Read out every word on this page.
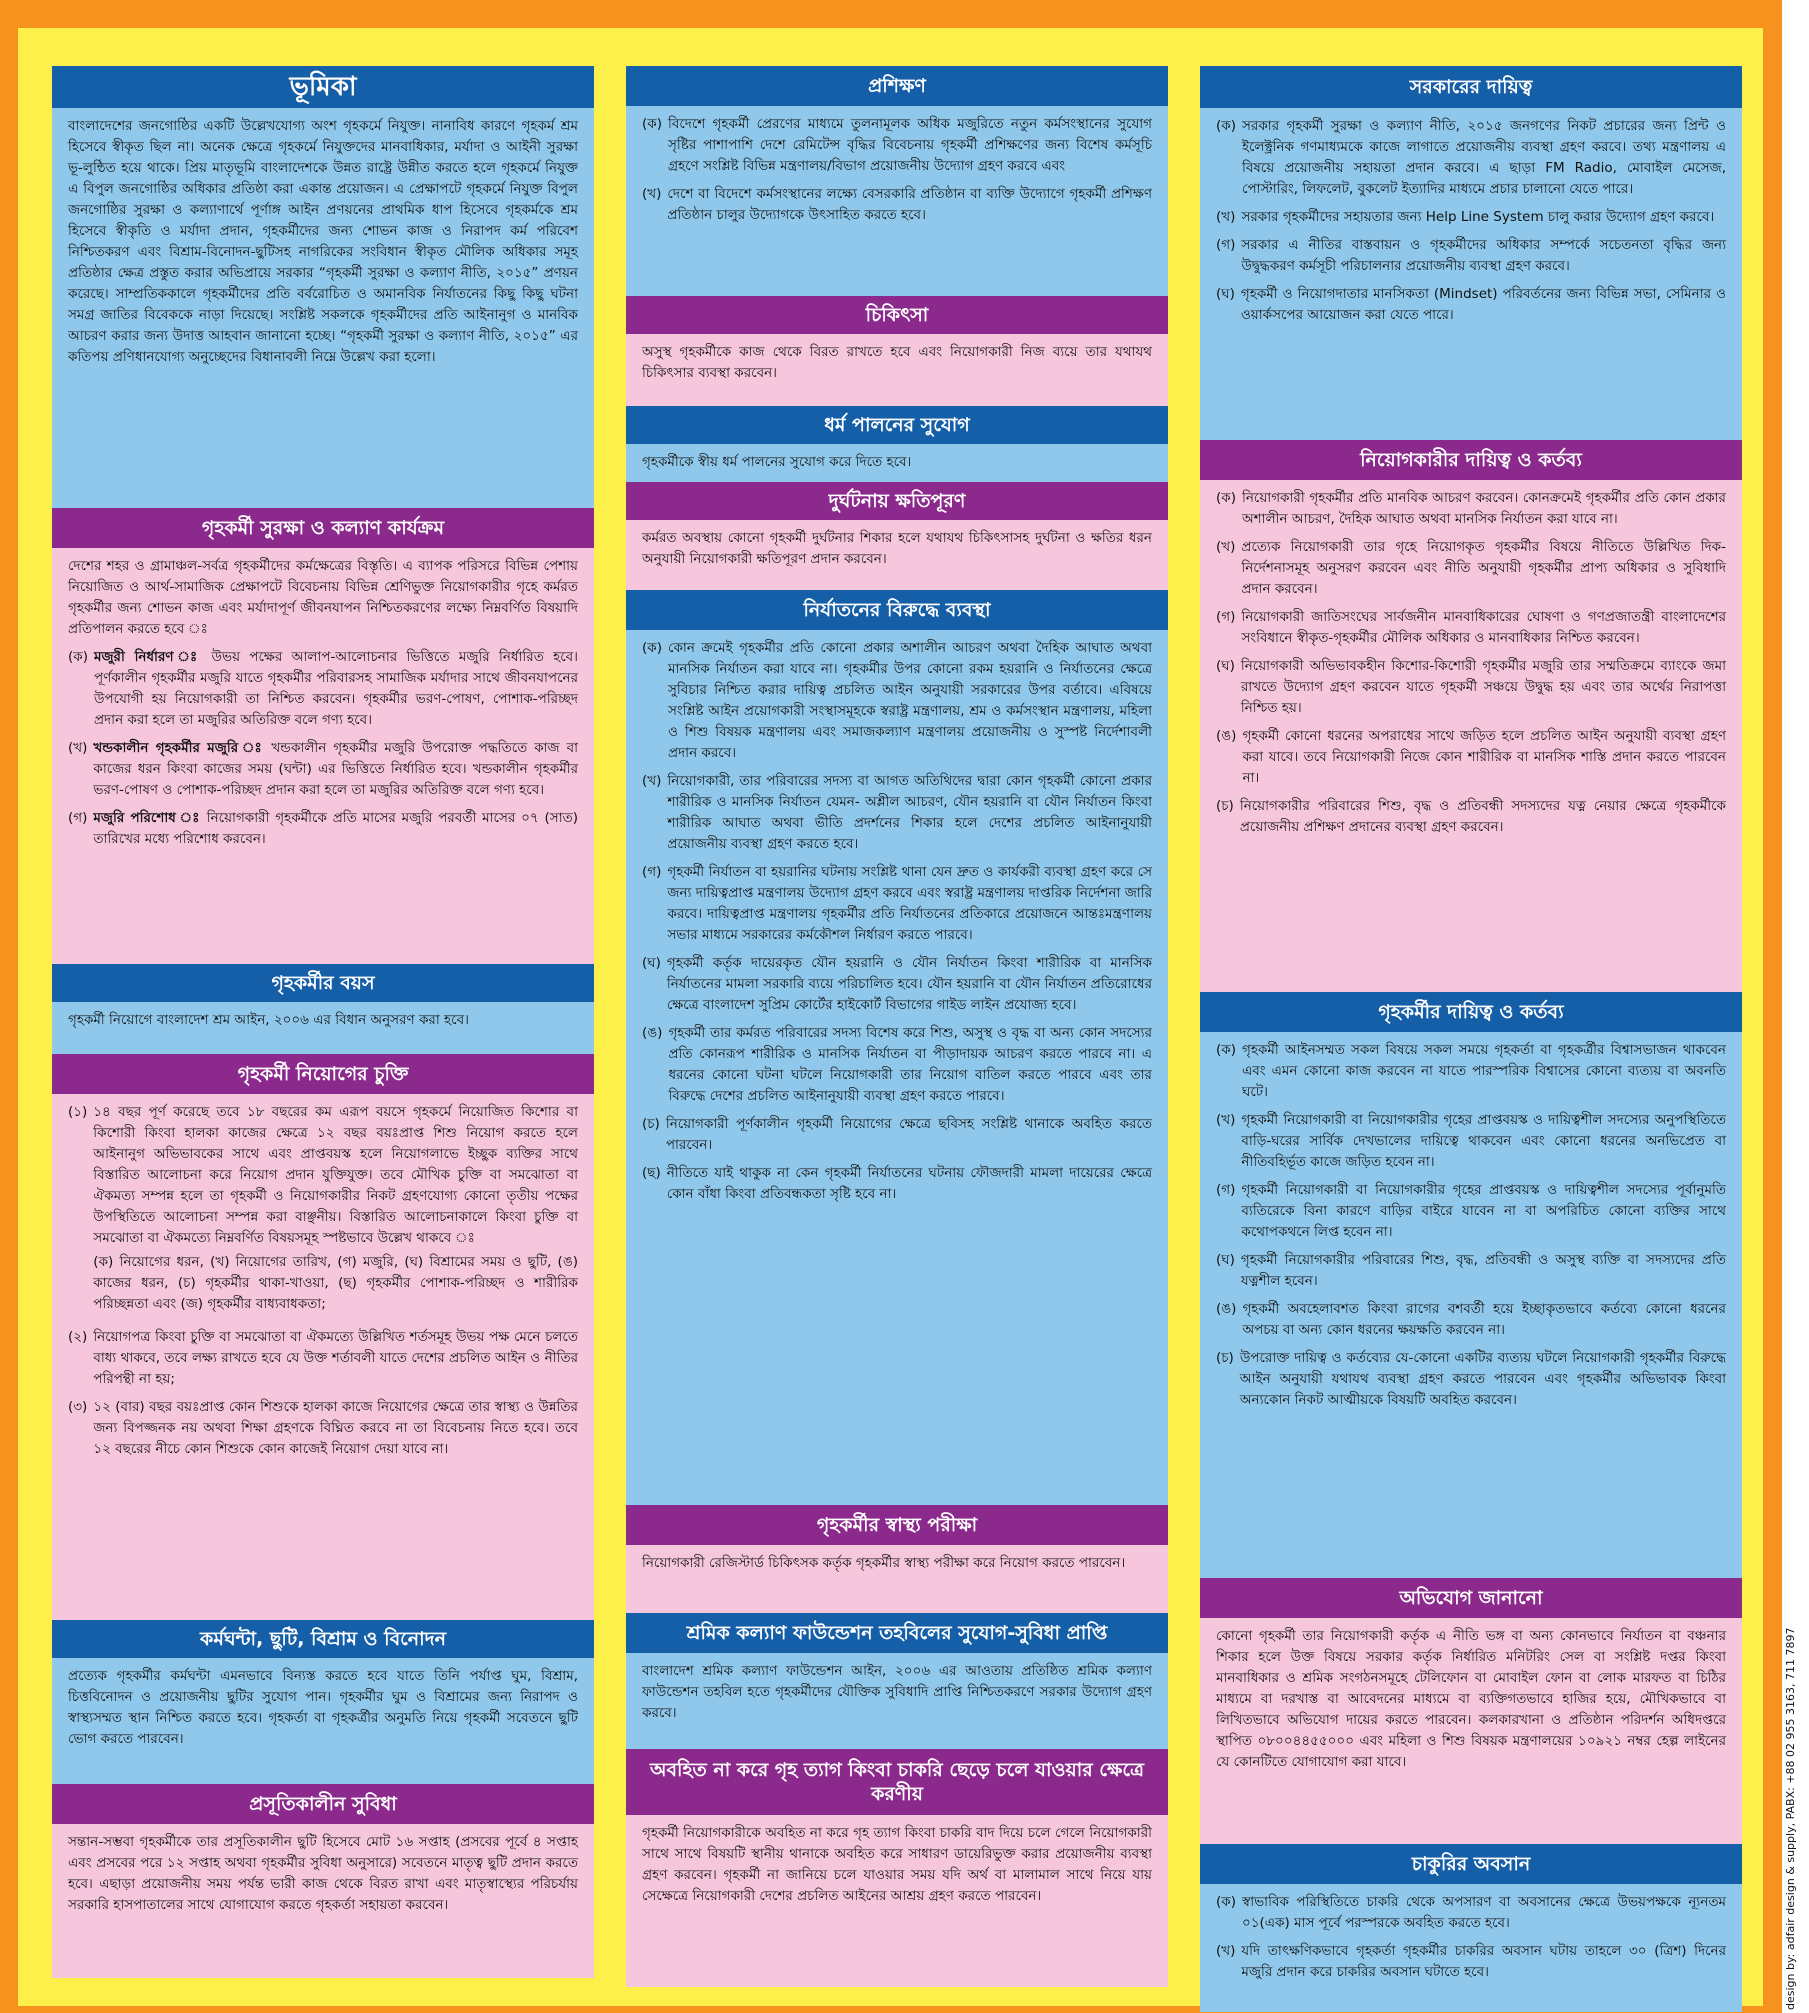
ভূমিকা
বাংলাদেশের জনগোষ্ঠির একটি উল্লেখযোগ্য অংশ গৃহকর্মে নিযুক্ত। নানাবিধ কারণে গৃহকর্ম শ্রম হিসেবে স্বীকৃত ছিল না। অনেক ক্ষেত্রে গৃহকর্মে নিযুক্তদের মানবাধিকার, মর্যাদা ও আইনী সুরক্ষা ভূ-লুন্ঠিত হয়ে থাকে। প্রিয় মাতৃভূমি বাংলাদেশকে উন্নত রাষ্ট্রে উন্নীত করতে হলে গৃহকর্মে নিযুক্ত এ বিপুল জনগোষ্ঠির অধিকার প্রতিষ্ঠা করা একান্ত প্রয়োজন। এ প্রেক্ষাপটে গৃহকর্মে নিযুক্ত বিপুল জনগোষ্ঠির সুরক্ষা ও কল্যাণার্থে পূর্ণাঙ্গ আইন প্রণয়নের প্রাথমিক ধাপ হিসেবে গৃহকর্মকে শ্রম হিসেবে স্বীকৃতি ও মর্যাদা প্রদান, গৃহকর্মীদের জন্য শোভন কাজ ও নিরাপদ কর্ম পরিবেশ নিশ্চিতকরণ এবং বিশ্রাম-বিনোদন-ছুটিসহ নাগরিকের সংবিধান স্বীকৃত মৌলিক অধিকার সমূহ প্রতিষ্ঠার ক্ষেত্র প্রস্তুত করার অভিপ্রায়ে সরকার “গৃহকর্মী সুরক্ষা ও কল্যাণ নীতি, ২০১৫” প্রণয়ন করেছে। সাম্প্রতিককালে গৃহকর্মীদের প্রতি বর্বরোচিত ও অমানবিক নির্যাতনের কিছু কিছু ঘটনা সমগ্র জাতির বিবেককে নাড়া দিয়েছে। সংশ্লিষ্ট সকলকে গৃহকর্মীদের প্রতি আইনানুগ ও মানবিক আচরণ করার জন্য উদাত্ত আহবান জানানো হচ্ছে। “গৃহকর্মী সুরক্ষা ও কল্যাণ নীতি, ২০১৫” এর কতিপয় প্রণিধানযোগ্য অনুচ্ছেদের বিধানাবলী নিম্নে উল্লেখ করা হলো।
গৃহকর্মী সুরক্ষা ও কল্যাণ কার্যক্রম
দেশের শহর ও গ্রামাঞ্চল-সর্বত্র গৃহকর্মীদের কর্মক্ষেত্রের বিস্তৃতি। এ ব্যাপক পরিসরে বিভিন্ন পেশায় নিয়োজিত ও আর্থ-সামাজিক প্রেক্ষাপটে বিবেচনায় বিভিন্ন শ্রেণিভুক্ত নিয়োগকারীর গৃহে কর্মরত গৃহকর্মীর জন্য শোভন কাজ এবং মর্যাদাপূর্ণ জীবনযাপন নিশ্চিতকরণের লক্ষ্যে নিম্নবর্ণিত বিষয়াদি প্রতিপালন করতে হবে ঃ
(ক) মজুরী নির্ধারণ ঃ উভয় পক্ষের আলাপ-আলোচনার ভিত্তিতে মজুরি নির্ধারিত হবে। পূর্ণকালীন গৃহকর্মীর মজুরি যাতে গৃহকর্মীর পরিবারসহ সামাজিক মর্যাদার সাথে জীবনযাপনের উপযোগী হয় নিয়োগকারী তা নিশ্চিত করবেন। গৃহকর্মীর ভরণ-পোষণ, পোশাক-পরিচ্ছদ প্রদান করা হলে তা মজুরির অতিরিক্ত বলে গণ্য হবে।
(খ) খন্ডকালীন গৃহকর্মীর মজুরি ঃ খন্ডকালীন গৃহকর্মীর মজুরি উপরোক্ত পদ্ধতিতে কাজ বা কাজের ধরন কিংবা কাজের সময় (ঘন্টা) এর ভিত্তিতে নির্ধারিত হবে। খন্ডকালীন গৃহকর্মীর ভরণ-পোষণ ও পোশাক-পরিচ্ছদ প্রদান করা হলে তা মজুরির অতিরিক্ত বলে গণ্য হবে।
(গ) মজুরি পরিশোধ ঃ নিয়োগকারী গৃহকর্মীকে প্রতি মাসের মজুরি পরবর্তী মাসের ০৭ (সাত) তারিখের মধ্যে পরিশোধ করবেন।
গৃহকর্মীর বয়স
গৃহকর্মী নিয়োগে বাংলাদেশ শ্রম আইন, ২০০৬ এর বিধান অনুসরণ করা হবে।
গৃহকর্মী নিয়োগের চুক্তি
(১) ১৪ বছর পূর্ণ করেছে তবে ১৮ বছরের কম এরূপ বয়সে গৃহকর্মে নিয়োজিত কিশোর বা কিশোরী কিংবা হালকা কাজের ক্ষেত্রে ১২ বছর বয়ঃপ্রাপ্ত শিশু নিয়োগ করতে হলে আইনানুগ অভিভাবকের সাথে এবং প্রাপ্তবয়স্ক হলে নিয়োগলাভে ইচ্ছুক ব্যক্তির সাথে বিস্তারিত আলোচনা করে নিয়োগ প্রদান যুক্তিযুক্ত। তবে মৌখিক চুক্তি বা সমঝোতা বা ঐকমত্য সম্পন্ন হলে তা গৃহকর্মী ও নিয়োগকারীর নিকট গ্রহণযোগ্য কোনো তৃতীয় পক্ষের উপস্থিতিতে আলোচনা সম্পন্ন করা বাঞ্ছনীয়। বিস্তারিত আলোচনাকালে কিংবা চুক্তি বা সমঝোতা বা ঐকমত্যে নিম্নবর্ণিত বিষয়সমূহ স্পষ্টভাবে উল্লেখ থাকবে ঃ
(ক) নিয়োগের ধরন, (খ) নিয়োগের তারিখ, (গ) মজুরি, (ঘ) বিশ্রামের সময় ও ছুটি, (ঙ) কাজের ধরন, (চ) গৃহকর্মীর থাকা-খাওয়া, (ছ) গৃহকর্মীর পোশাক-পরিচ্ছদ ও শারীরিক পরিচ্ছন্নতা এবং (জ) গৃহকর্মীর বাধ্যবাধকতা;
(২) নিয়োগপত্র কিংবা চুক্তি বা সমঝোতা বা ঐকমত্যে উল্লিখিত শর্তসমূহ উভয় পক্ষ মেনে চলতে বাধ্য থাকবে, তবে লক্ষ্য রাখতে হবে যে উক্ত শর্তাবলী যাতে দেশের প্রচলিত আইন ও নীতির পরিপন্থী না হয়;
(৩) ১২ (বার) বছর বয়ঃপ্রাপ্ত কোন শিশুকে হালকা কাজে নিয়োগের ক্ষেত্রে তার স্বাস্থ্য ও উন্নতির জন্য বিপজ্জনক নয় অথবা শিক্ষা গ্রহণকে বিঘ্নিত করবে না তা বিবেচনায় নিতে হবে। তবে ১২ বছরের নীচে কোন শিশুকে কোন কাজেই নিয়োগ দেয়া যাবে না।
কর্মঘন্টা, ছুটি, বিশ্রাম ও বিনোদন
প্রত্যেক গৃহকর্মীর কর্মঘন্টা এমনভাবে বিন্যস্ত করতে হবে যাতে তিনি পর্যাপ্ত ঘুম, বিশ্রাম, চিত্তবিনোদন ও প্রয়োজনীয় ছুটির সুযোগ পান। গৃহকর্মীর ঘুম ও বিশ্রামের জন্য নিরাপদ ও স্বাস্থ্যসম্মত স্থান নিশ্চিত করতে হবে। গৃহকর্তা বা গৃহকর্ত্রীর অনুমতি নিয়ে গৃহকর্মী সবেতনে ছুটি ভোগ করতে পারবেন।
প্রসূতিকালীন সুবিধা
সন্তান-সম্ভবা গৃহকর্মীকে তার প্রসূতিকালীন ছুটি হিসেবে মোট ১৬ সপ্তাহ (প্রসবের পূর্বে ৪ সপ্তাহ এবং প্রসবের পরে ১২ সপ্তাহ অথবা গৃহকর্মীর সুবিধা অনুসারে) সবেতনে মাতৃত্ব ছুটি প্রদান করতে হবে। এছাড়া প্রয়োজনীয় সময় পর্যন্ত ভারী কাজ থেকে বিরত রাখা এবং মাতৃস্বাস্থ্যের পরিচর্যায় সরকারি হাসপাতালের সাথে যোগাযোগ করতে গৃহকর্তা সহায়তা করবেন।
প্রশিক্ষণ
(ক) বিদেশে গৃহকর্মী প্রেরণের মাধ্যমে তুলনামূলক অধিক মজুরিতে নতুন কর্মসংস্থানের সুযোগ সৃষ্টির পাশাপাশি দেশে রেমিটেন্স বৃদ্ধির বিবেচনায় গৃহকর্মী প্রশিক্ষণের জন্য বিশেষ কর্মসূচি গ্রহণে সংশ্লিষ্ট বিভিন্ন মন্ত্রণালয়/বিভাগ প্রয়োজনীয় উদ্যোগ গ্রহণ করবে এবং
(খ) দেশে বা বিদেশে কর্মসংস্থানের লক্ষ্যে বেসরকারি প্রতিষ্ঠান বা ব্যক্তি উদ্যোগে গৃহকর্মী প্রশিক্ষণ প্রতিষ্ঠান চালুর উদ্যোগকে উৎসাহিত করতে হবে।
চিকিৎসা
অসুস্থ গৃহকর্মীকে কাজ থেকে বিরত রাখতে হবে এবং নিয়োগকারী নিজ ব্যয়ে তার যথাযথ চিকিৎসার ব্যবস্থা করবেন।
ধর্ম পালনের সুযোগ
গৃহকর্মীকে স্বীয় ধর্ম পালনের সুযোগ করে দিতে হবে।
দুর্ঘটনায় ক্ষতিপূরণ
কর্মরত অবস্থায় কোনো গৃহকর্মী দুর্ঘটনার শিকার হলে যথাযথ চিকিৎসাসহ দুর্ঘটনা ও ক্ষতির ধরন অনুযায়ী নিয়োগকারী ক্ষতিপূরণ প্রদান করবেন।
নির্যাতনের বিরুদ্ধে ব্যবস্থা
(ক) কোন ক্রমেই গৃহকর্মীর প্রতি কোনো প্রকার অশালীন আচরণ অথবা দৈহিক আঘাত অথবা মানসিক নির্যাতন করা যাবে না। গৃহকর্মীর উপর কোনো রকম হয়রানি ও নির্যাতনের ক্ষেত্রে সুবিচার নিশ্চিত করার দায়িত্ব প্রচলিত আইন অনুযায়ী সরকারের উপর বর্তাবে। এবিষয়ে সংশ্লিষ্ট আইন প্রয়োগকারী সংস্থাসমূহকে স্বরাষ্ট্র মন্ত্রণালয়, শ্রম ও কর্মসংস্থান মন্ত্রণালয়, মহিলা ও শিশু বিষয়ক মন্ত্রণালয় এবং সমাজকল্যাণ মন্ত্রণালয় প্রয়োজনীয় ও সুস্পষ্ট নির্দেশাবলী প্রদান করবে।
(খ) নিয়োগকারী, তার পরিবারের সদস্য বা আগত অতিথিদের দ্বারা কোন গৃহকর্মী কোনো প্রকার শারীরিক ও মানসিক নির্যাতন যেমন- অশ্লীল আচরণ, যৌন হয়রানি বা যৌন নির্যাতন কিংবা শারীরিক আঘাত অথবা ভীতি প্রদর্শনের শিকার হলে দেশের প্রচলিত আইনানুযায়ী প্রয়োজনীয় ব্যবস্থা গ্রহণ করতে হবে।
(গ) গৃহকর্মী নির্যাতন বা হয়রানির ঘটনায় সংশ্লিষ্ট থানা যেন দ্রুত ও কার্যকরী ব্যবস্থা গ্রহণ করে সে জন্য দায়িত্বপ্রাপ্ত মন্ত্রণালয় উদ্যোগ গ্রহণ করবে এবং স্বরাষ্ট্র মন্ত্রণালয় দাপ্তরিক নির্দেশনা জারি করবে। দায়িত্বপ্রাপ্ত মন্ত্রণালয় গৃহকর্মীর প্রতি নির্যাতনের প্রতিকারে প্রয়োজনে আন্তঃমন্ত্রণালয় সভার মাধ্যমে সরকারের কর্মকৌশল নির্ধারণ করতে পারবে।
(ঘ) গৃহকর্মী কর্তৃক দায়েরকৃত যৌন হয়রানি ও যৌন নির্যাতন কিংবা শারীরিক বা মানসিক নির্যাতনের মামলা সরকারি ব্যয়ে পরিচালিত হবে। যৌন হয়রানি বা যৌন নির্যাতন প্রতিরোধের ক্ষেত্রে বাংলাদেশ সুপ্রিম কোর্টের হাইকোর্ট বিভাগের গাইড লাইন প্রযোজ্য হবে।
(ঙ) গৃহকর্মী তার কর্মরত পরিবারের সদস্য বিশেষ করে শিশু, অসুস্থ ও বৃদ্ধ বা অন্য কোন সদস্যের প্রতি কোনরূপ শারীরিক ও মানসিক নির্যাতন বা পীড়াদায়ক আচরণ করতে পারবে না। এ ধরনের কোনো ঘটনা ঘটলে নিয়োগকারী তার নিয়োগ বাতিল করতে পারবে এবং তার বিরুদ্ধে দেশের প্রচলিত আইনানুযায়ী ব্যবস্থা গ্রহণ করতে পারবে।
(চ) নিয়োগকারী পূর্ণকালীন গৃহকর্মী নিয়োগের ক্ষেত্রে ছবিসহ সংশ্লিষ্ট থানাকে অবহিত করতে পারবেন।
(ছ) নীতিতে যাই থাকুক না কেন গৃহকর্মী নির্যাতনের ঘটনায় ফৌজদারী মামলা দায়েরের ক্ষেত্রে কোন বাঁধা কিংবা প্রতিবন্ধকতা সৃষ্টি হবে না।
গৃহকর্মীর স্বাস্থ্য পরীক্ষা
নিয়োগকারী রেজিস্টার্ড চিকিৎসক কর্তৃক গৃহকর্মীর স্বাস্থ্য পরীক্ষা করে নিয়োগ করতে পারবেন।
শ্রমিক কল্যাণ ফাউন্ডেশন তহবিলের সুযোগ-সুবিধা প্রাপ্তি
বাংলাদেশ শ্রমিক কল্যাণ ফাউন্ডেশন আইন, ২০০৬ এর আওতায় প্রতিষ্ঠিত শ্রমিক কল্যাণ ফাউন্ডেশন তহবিল হতে গৃহকর্মীদের যৌক্তিক সুবিধাদি প্রাপ্তি নিশ্চিতকরণে সরকার উদ্যোগ গ্রহণ করবে।
অবহিত না করে গৃহ ত্যাগ কিংবা চাকরি ছেড়ে চলে যাওয়ার ক্ষেত্রে করণীয়
গৃহকর্মী নিয়োগকারীকে অবহিত না করে গৃহ ত্যাগ কিংবা চাকরি বাদ দিয়ে চলে গেলে নিয়োগকারী সাথে সাথে বিষয়টি স্থানীয় থানাকে অবহিত করে সাধারণ ডায়েরিভুক্ত করার প্রয়োজনীয় ব্যবস্থা গ্রহণ করবেন। গৃহকর্মী না জানিয়ে চলে যাওয়ার সময় যদি অর্থ বা মালামাল সাথে নিয়ে যায় সেক্ষেত্রে নিয়োগকারী দেশের প্রচলিত আইনের আশ্রয় গ্রহণ করতে পারবেন।
সরকারের দায়িত্ব
(ক) সরকার গৃহকর্মী সুরক্ষা ও কল্যাণ নীতি, ২০১৫ জনগণের নিকট প্রচারের জন্য প্রিন্ট ও ইলেক্ট্রনিক গণমাধ্যমকে কাজে লাগাতে প্রয়োজনীয় ব্যবস্থা গ্রহণ করবে। তথ্য মন্ত্রণালয় এ বিষয়ে প্রয়োজনীয় সহায়তা প্রদান করবে। এ ছাড়া FM Radio, মোবাইল মেসেজ, পোস্টারিং, লিফলেট, বুকলেট ইত্যাদির মাধ্যমে প্রচার চালানো যেতে পারে।
(খ) সরকার গৃহকর্মীদের সহায়তার জন্য Help Line System চালু করার উদ্যোগ গ্রহণ করবে।
(গ) সরকার এ নীতির বাস্তবায়ন ও গৃহকর্মীদের অধিকার সম্পর্কে সচেতনতা বৃদ্ধির জন্য উদ্বুদ্ধকরণ কর্মসূচী পরিচালনার প্রয়োজনীয় ব্যবস্থা গ্রহণ করবে।
(ঘ) গৃহকর্মী ও নিয়োগদাতার মানসিকতা (Mindset) পরিবর্তনের জন্য বিভিন্ন সভা, সেমিনার ও ওয়ার্কসপের আয়োজন করা যেতে পারে।
নিয়োগকারীর দায়িত্ব ও কর্তব্য
(ক) নিয়োগকারী গৃহকর্মীর প্রতি মানবিক আচরণ করবেন। কোনক্রমেই গৃহকর্মীর প্রতি কোন প্রকার অশালীন আচরণ, দৈহিক আঘাত অথবা মানসিক নির্যাতন করা যাবে না।
(খ) প্রত্যেক নিয়োগকারী তার গৃহে নিয়োগকৃত গৃহকর্মীর বিষয়ে নীতিতে উল্লিখিত দিক-নির্দেশনাসমূহ অনুসরণ করবেন এবং নীতি অনুযায়ী গৃহকর্মীর প্রাপ্য অধিকার ও সুবিধাদি প্রদান করবেন।
(গ) নিয়োগকারী জাতিসংঘের সার্বজনীন মানবাধিকারের ঘোষণা ও গণপ্রজাতন্ত্রী বাংলাদেশের সংবিধানে স্বীকৃত-গৃহকর্মীর মৌলিক অধিকার ও মানবাধিকার নিশ্চিত করবেন।
(ঘ) নিয়োগকারী অভিভাবকহীন কিশোর-কিশোরী গৃহকর্মীর মজুরি তার সম্মতিক্রমে ব্যাংকে জমা রাখতে উদ্যোগ গ্রহণ করবেন যাতে গৃহকর্মী সঞ্চয়ে উদ্বুদ্ধ হয় এবং তার অর্থের নিরাপত্তা নিশ্চিত হয়।
(ঙ) গৃহকর্মী কোনো ধরনের অপরাধের সাথে জড়িত হলে প্রচলিত আইন অনুযায়ী ব্যবস্থা গ্রহণ করা যাবে। তবে নিয়োগকারী নিজে কোন শারীরিক বা মানসিক শাস্তি প্রদান করতে পারবেন না।
(চ) নিয়োগকারীর পরিবারের শিশু, বৃদ্ধ ও প্রতিবন্ধী সদস্যদের যত্ন নেয়ার ক্ষেত্রে গৃহকর্মীকে প্রয়োজনীয় প্রশিক্ষণ প্রদানের ব্যবস্থা গ্রহণ করবেন।
গৃহকর্মীর দায়িত্ব ও কর্তব্য
(ক) গৃহকর্মী আইনসম্মত সকল বিষয়ে সকল সময়ে গৃহকর্তা বা গৃহকর্ত্রীর বিশ্বাসভাজন থাকবেন এবং এমন কোনো কাজ করবেন না যাতে পারস্পরিক বিশ্বাসের কোনো ব্যত্যয় বা অবনতি ঘটে।
(খ) গৃহকর্মী নিয়োগকারী বা নিয়োগকারীর গৃহের প্রাপ্তবয়স্ক ও দায়িত্বশীল সদস্যের অনুপস্থিতিতে বাড়ি-ঘরের সার্বিক দেখভালের দায়িত্বে থাকবেন এবং কোনো ধরনের অনভিপ্রেত বা নীতিবহির্ভূত কাজে জড়িত হবেন না।
(গ) গৃহকর্মী নিয়োগকারী বা নিয়োগকারীর গৃহের প্রাপ্তবয়স্ক ও দায়িত্বশীল সদস্যের পূর্বানুমতি ব্যতিরেকে বিনা কারণে বাড়ির বাইরে যাবেন না বা অপরিচিত কোনো ব্যক্তির সাথে কথোপকথনে লিপ্ত হবেন না।
(ঘ) গৃহকর্মী নিয়োগকারীর পরিবারের শিশু, বৃদ্ধ, প্রতিবন্ধী ও অসুস্থ ব্যক্তি বা সদস্যদের প্রতি যত্নশীল হবেন।
(ঙ) গৃহকর্মী অবহেলাবশত কিংবা রাগের বশবর্তী হয়ে ইচ্ছাকৃতভাবে কর্তব্যে কোনো ধরনের অপচয় বা অন্য কোন ধরনের ক্ষয়ক্ষতি করবেন না।
(চ) উপরোক্ত দায়িত্ব ও কর্তব্যের যে-কোনো একটির ব্যত্যয় ঘটলে নিয়োগকারী গৃহকর্মীর বিরুদ্ধে আইন অনুযায়ী যথাযথ ব্যবস্থা গ্রহণ করতে পারবেন এবং গৃহকর্মীর অভিভাবক কিংবা অন্যকোন নিকট আত্মীয়কে বিষয়টি অবহিত করবেন।
অভিযোগ জানানো
কোনো গৃহকর্মী তার নিয়োগকারী কর্তৃক এ নীতি ভঙ্গ বা অন্য কোনভাবে নির্যাতন বা বঞ্চনার শিকার হলে উক্ত বিষয়ে সরকার কর্তৃক নির্ধারিত মনিটরিং সেল বা সংশ্লিষ্ট দপ্তর কিংবা মানবাধিকার ও শ্রমিক সংগঠনসমূহে টেলিফোন বা মোবাইল ফোন বা লোক মারফত বা চিঠির মাধ্যমে বা দরখাস্ত বা আবেদনের মাধ্যমে বা ব্যক্তিগতভাবে হাজির হয়ে, মৌখিকভাবে বা লিখিতভাবে অভিযোগ দায়ের করতে পারবেন। কলকারখানা ও প্রতিষ্ঠান পরিদর্শন অধিদপ্তরে স্থাপিত ০৮০০৪৪৫৫০০০ এবং মহিলা ও শিশু বিষয়ক মন্ত্রণালয়ের ১০৯২১ নম্বর হেল্প লাইনের যে কোনটিতে যোগাযোগ করা যাবে।
চাকুরির অবসান
(ক) স্বাভাবিক পরিস্থিতিতে চাকরি থেকে অপসারণ বা অবসানের ক্ষেত্রে উভয়পক্ষকে ন্যূনতম ০১(এক) মাস পূর্বে পরস্পরকে অবহিত করতে হবে।
(খ) যদি তাৎক্ষণিকভাবে গৃহকর্তা গৃহকর্মীর চাকরির অবসান ঘটায় তাহলে ৩০ (ত্রিশ) দিনের মজুরি প্রদান করে চাকরির অবসান ঘটাতে হবে।	design by: adfair design & supply, PABX: +88 02 955 3163, 711 7897
